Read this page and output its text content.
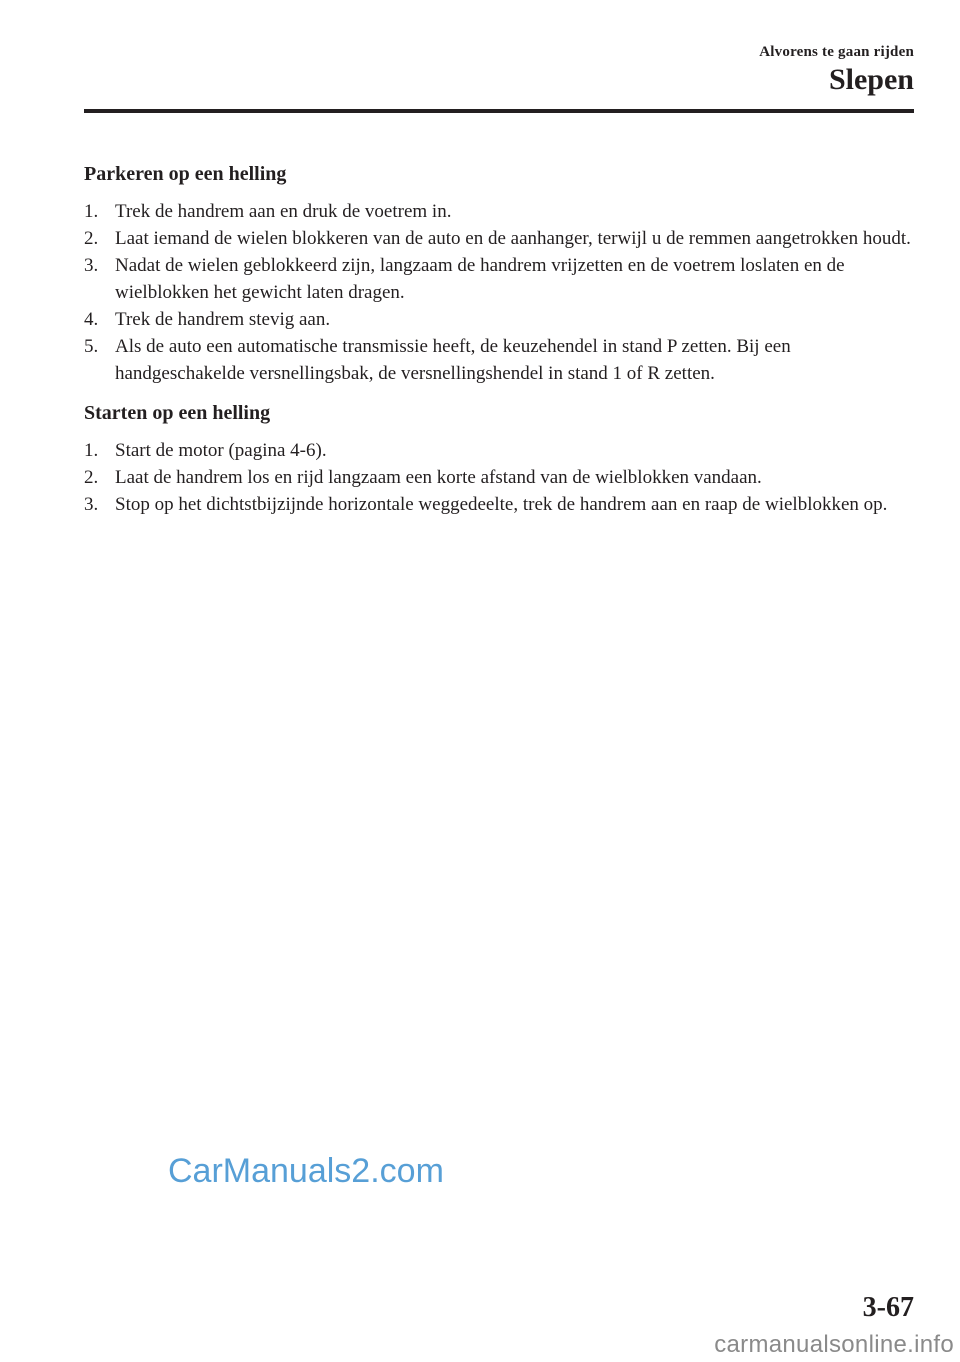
Alvorens te gaan rijden
Slepen
Parkeren op een helling
1. Trek de handrem aan en druk de voetrem in.
2. Laat iemand de wielen blokkeren van de auto en de aanhanger, terwijl u de remmen aangetrokken houdt.
3. Nadat de wielen geblokkeerd zijn, langzaam de handrem vrijzetten en de voetrem loslaten en de wielblokken het gewicht laten dragen.
4. Trek de handrem stevig aan.
5. Als de auto een automatische transmissie heeft, de keuzehendel in stand P zetten. Bij een handgeschakelde versnellingsbak, de versnellingshendel in stand 1 of R zetten.
Starten op een helling
1. Start de motor (pagina 4-6).
2. Laat de handrem los en rijd langzaam een korte afstand van de wielblokken vandaan.
3. Stop op het dichtstbijzijnde horizontale weggedeelte, trek de handrem aan en raap de wielblokken op.
CarManuals2.com
3-67
carmanualsonline.info
